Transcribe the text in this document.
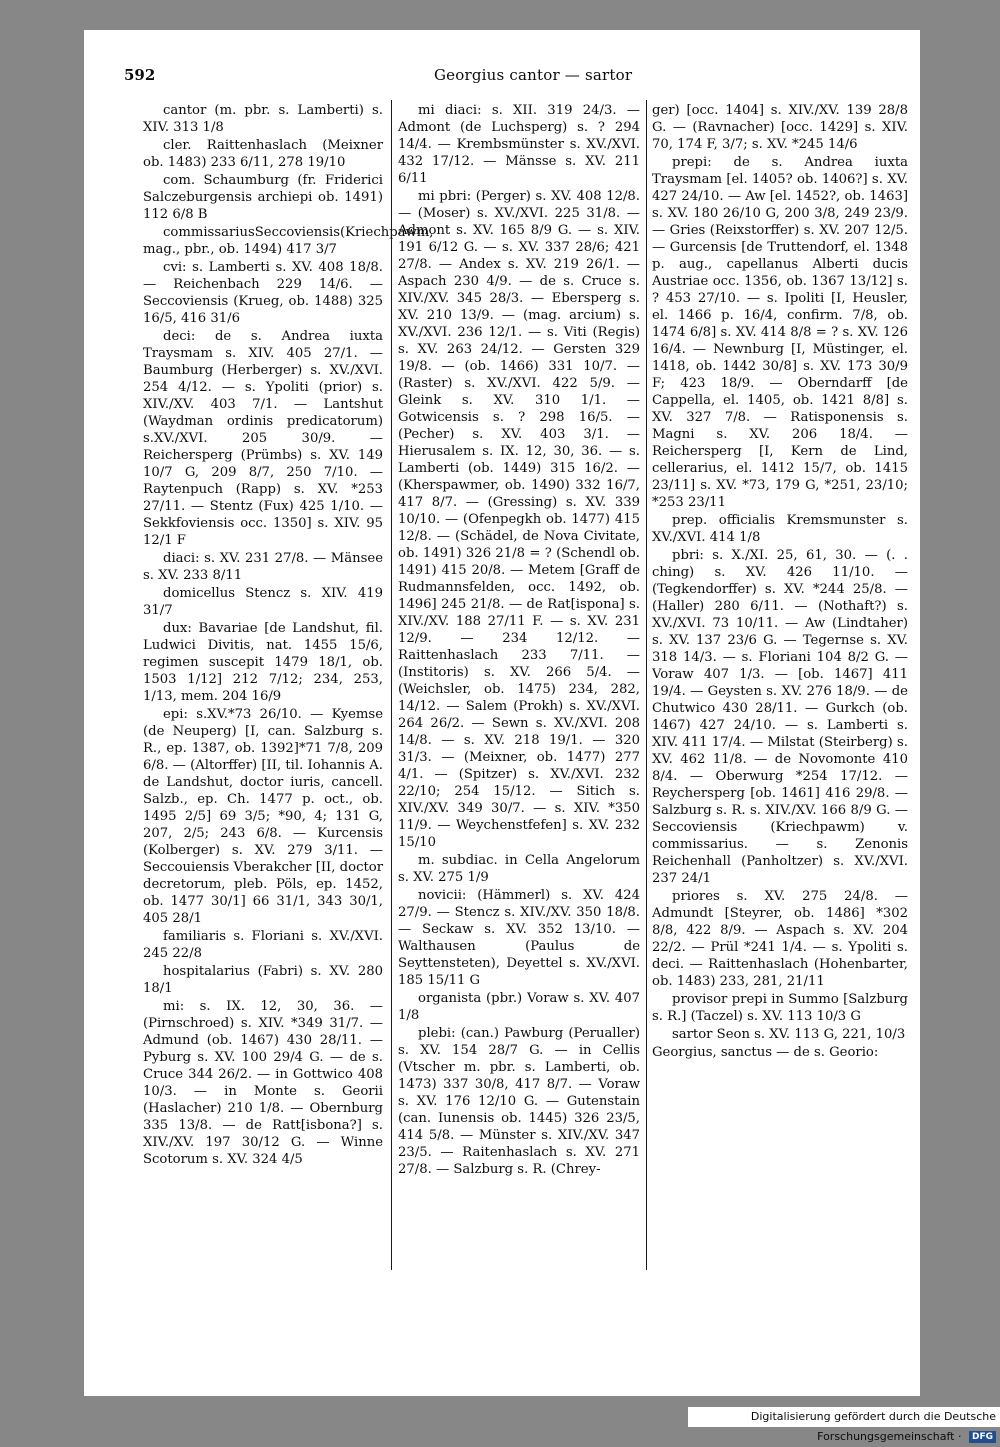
592	Georgius cantor — sartor

cantor (m. pbr. s. Lamberti) s. XIV. 313 1/8

cler. Raittenhaslach (Meixner ob. 1483) 233 6/11, 278 19/10

com. Schaumburg (fr. Friderici Salczeburgensis archiepi ob. 1491) 112 6/8 B

commissariusSeccoviensis(Kriechpawm, mag., pbr., ob. 1494) 417 3/7

cvi: s. Lamberti s. XV. 408 18/8. — Reichenbach 229 14/6. — Seccoviensis (Krueg, ob. 1488) 325 16/5, 416 31/6

deci: de s. Andrea iuxta Traysmam s. XIV. 405 27/1. — Baumburg (Herberger) s. XV./XVI. 254 4/12. — s. Ypoliti (prior) s. XIV./XV. 403 7/1. — Lantshut (Waydman ordinis predicatorum) s.XV./XVI. 205 30/9. — Reichersperg (Prümbs) s. XV. 149 10/7 G, 209 8/7, 250 7/10. — Raytenpuch (Rapp) s. XV. *253 27/11. — Stentz (Fux) 425 1/10. — Sekkfoviensis occ. 1350] s. XIV. 95 12/1 F

diaci: s. XV. 231 27/8. — Mänsee s. XV. 233 8/11

domicellus Stencz s. XIV. 419 31/7

dux: Bavariae [de Landshut, fil. Ludwici Divitis, nat. 1455 15/6, regimen suscepit 1479 18/1, ob. 1503 1/12] 212 7/12; 234, 253, 1/13, mem. 204 16/9

epi: s.XV.*73 26/10. — Kyemse (de Neuperg) [I, can. Salzburg s. R., ep. 1387, ob. 1392]*71 7/8, 209 6/8. — (Altorffer) [II, til. Iohannis A. de Landshut, doctor iuris, cancell. Salzb., ep. Ch. 1477 p. oct., ob. 1495 2/5] 69 3/5; *90, 4; 131 G, 207, 2/5; 243 6/8. — Kurcensis (Kolberger) s. XV. 279 3/11. — Seccouiensis Vberakcher [II, doctor decretorum, pleb. Pöls, ep. 1452, ob. 1477 30/1] 66 31/1, 343 30/1, 405 28/1

familiaris s. Floriani s. XV./XVI. 245 22/8

hospitalarius (Fabri) s. XV. 280 18/1

mi: s. IX. 12, 30, 36. — (Pirnschroed) s. XIV. *349 31/7. — Admund (ob. 1467) 430 28/11. — Pyburg s. XV. 100 29/4 G. — de s. Cruce 344 26/2. — in Gottwico 408 10/3. — in Monte s. Georii (Haslacher) 210 1/8. — Obernburg 335 13/8. — de Ratt[isbona?] s. XIV./XV. 197 30/12 G. — Winne Scotorum s. XV. 324 4/5

mi diaci: s. XII. 319 24/3. — Admont (de Luchsperg) s. ? 294 14/4. — Krembsmünster s. XV./XVI. 432 17/12. — Mänsse s. XV. 211 6/11

mi pbri: (Perger) s. XV. 408 12/8. — (Moser) s. XV./XVI. 225 31/8. — Admont s. XV. 165 8/9 G. — s. XIV. 191 6/12 G. — s. XV. 337 28/6; 421 27/8. — Andex s. XV. 219 26/1. — Aspach 230 4/9. — de s. Cruce s. XIV./XV. 345 28/3. — Ebersperg s. XV. 210 13/9. — (mag. arcium) s. XV./XVI. 236 12/1. — s. Viti (Regis) s. XV. 263 24/12. — Gersten 329 19/8. — (ob. 1466) 331 10/7. — (Raster) s. XV./XVI. 422 5/9. — Gleink s. XV. 310 1/1. — Gotwicensis s. ? 298 16/5. — (Pecher) s. XV. 403 3/1. — Hierusalem s. IX. 12, 30, 36. — s. Lamberti (ob. 1449) 315 16/2. — (Kherspawmer, ob. 1490) 332 16/7, 417 8/7. — (Gressing) s. XV. 339 10/10. — (Ofenpegkh ob. 1477) 415 12/8. — (Schädel, de Nova Civitate, ob. 1491) 326 21/8 = ? (Schendl ob. 1491) 415 20/8. — Metem [Graff de Rudmannsfelden, occ. 1492, ob. 1496] 245 21/8. — de Rat[ispona] s. XIV./XV. 188 27/11 F. — s. XV. 231 12/9. — 234 12/12. — Raittenhaslach 233 7/11. — (Institoris) s. XV. 266 5/4. — (Weichsler, ob. 1475) 234, 282, 14/12. — Salem (Prokh) s. XV./XVI. 264 26/2. — Sewn s. XV./XVI. 208 14/8. — s. XV. 218 19/1. — 320 31/3. — (Meixner, ob. 1477) 277 4/1. — (Spitzer) s. XV./XVI. 232 22/10; 254 15/12. — Sitich s. XIV./XV. 349 30/7. — s. XIV. *350 11/9. — Weychenstfefen] s. XV. 232 15/10

m. subdiac. in Cella Angelorum s. XV. 275 1/9

novicii: (Hämmerl) s. XV. 424 27/9. — Stencz s. XIV./XV. 350 18/8. — Seckaw s. XV. 352 13/10. — Walthausen (Paulus de Seyttensteten), Deyettel s. XV./XVI. 185 15/11 G

organista (pbr.) Voraw s. XV. 407 1/8

plebi: (can.) Pawburg (Perualler) s. XV. 154 28/7 G. — in Cellis (Vtscher m. pbr. s. Lamberti, ob. 1473) 337 30/8, 417 8/7. — Voraw s. XV. 176 12/10 G. — Gutenstain (can. Iunensis ob. 1445) 326 23/5, 414 5/8. — Münster s. XIV./XV. 347 23/5. — Raitenhaslach s. XV. 271 27/8. — Salzburg s. R. (Chrey-

ger) [occ. 1404] s. XIV./XV. 139 28/8 G. — (Ravnacher) [occ. 1429] s. XIV. 70, 174 F, 3/7; s. XV. *245 14/6

prepi: de s. Andrea iuxta Traysmam [el. 1405? ob. 1406?] s. XV. 427 24/10. — Aw [el. 1452?, ob. 1463] s. XV. 180 26/10 G, 200 3/8, 249 23/9. — Gries (Reixstorffer) s. XV. 207 12/5. — Gurcensis [de Truttendorf, el. 1348 p. aug., capellanus Alberti ducis Austriae occ. 1356, ob. 1367 13/12] s. ? 453 27/10. — s. Ipoliti [I, Heusler, el. 1466 p. 16/4, confirm. 7/8, ob. 1474 6/8] s. XV. 414 8/8 = ? s. XV. 126 16/4. — Newnburg [I, Müstinger, el. 1418, ob. 1442 30/8] s. XV. 173 30/9 F; 423 18/9. — Oberndarff [de Cappella, el. 1405, ob. 1421 8/8] s. XV. 327 7/8. — Ratisponensis s. Magni s. XV. 206 18/4. — Reichersperg [I, Kern de Lind, cellerarius, el. 1412 15/7, ob. 1415 23/11] s. XV. *73, 179 G, *251, 23/10; *253 23/11

prep. officialis Kremsmunster s. XV./XVI. 414 1/8

pbri: s. X./XI. 25, 61, 30. — (. . ching) s. XV. 426 11/10. — (Tegkendorffer) s. XV. *244 25/8. — (Haller) 280 6/11. — (Nothaft?) s. XV./XVI. 73 10/11. — Aw (Lindtaher) s. XV. 137 23/6 G. — Tegernse s. XV. 318 14/3. — s. Floriani 104 8/2 G. — Voraw 407 1/3. — [ob. 1467] 411 19/4. — Geysten s. XV. 276 18/9. — de Chutwico 430 28/11. — Gurkch (ob. 1467) 427 24/10. — s. Lamberti s. XIV. 411 17/4. — Milstat (Steirberg) s. XV. 462 11/8. — de Novomonte 410 8/4. — Oberwurg *254 17/12. — Reychersperg [ob. 1461] 416 29/8. — Salzburg s. R. s. XIV./XV. 166 8/9 G. — Seccoviensis (Kriechpawm) v. commissarius. — s. Zenonis Reichenhall (Panholtzer) s. XV./XVI. 237 24/1

priores s. XV. 275 24/8. — Admundt [Steyrer, ob. 1486] *302 8/8, 422 8/9. — Aspach s. XV. 204 22/2. — Prül *241 1/4. — s. Ypoliti s. deci. — Raittenhaslach (Hohenbarter, ob. 1483) 233, 281, 21/11

provisor prepi in Summo [Salzburg s. R.] (Taczel) s. XV. 113 10/3 G

sartor Seon s. XV. 113 G, 221, 10/3

Georgius, sanctus — de s. Georio:

Digitalisierung gefördert durch die Deutsche Forschungsgemeinschaft · DFG
